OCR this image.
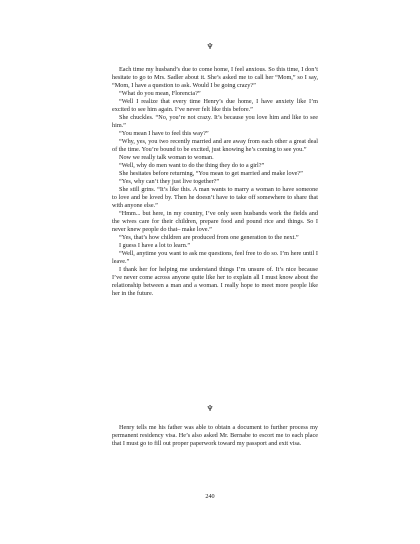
♆

Each time my husband’s due to come home, I feel anxious. So this time, I don’t hesitate to go to Mrs. Sadler about it. She’s asked me to call her “Mom,” so I say, “Mom, I have a question to ask. Would I be going crazy?”

“What do you mean, Florencia?”

“Well I realize that every time Henry’s due home, I have anxiety like I’m excited to see him again. I’ve never felt like this before.”

She chuckles. “No, you’re not crazy. It’s because you love him and like to see him.”

“You mean I have to feel this way?”

“Why, yes, you two recently married and are away from each other a great deal of the time. You’re bound to be excited, just knowing he’s coming to see you.”

Now we really talk woman to woman.

“Well, why do men want to do the thing they do to a girl?”

She hesitates before returning, “You mean to get married and make love?”

“Yes, why can’t they just live together?”

She still grins. “It’s like this. A man wants to marry a woman to have someone to love and be loved by. Then he doesn’t have to take off somewhere to share that with anyone else.”

“Hmm... but here, in my country, I’ve only seen husbands work the fields and the wives care for their children, prepare food and pound rice and things. So I never knew people do that– make love.”

“Yes, that’s how children are produced from one generation to the next.”

I guess I have a lot to learn.”

“Well, anytime you want to ask me questions, feel free to do so. I’m here until I leave.”

I thank her for helping me understand things I’m unsure of. It’s nice because I’ve never come across anyone quite like her to explain all I must know about the relationship between a man and a woman. I really hope to meet more people like her in the future.

♆

Henry tells me his father was able to obtain a document to further process my permanent residency visa. He’s also asked Mr. Bernabe to escort me to each place that I must go to fill out proper paperwork toward my passport and exit visa.

240
